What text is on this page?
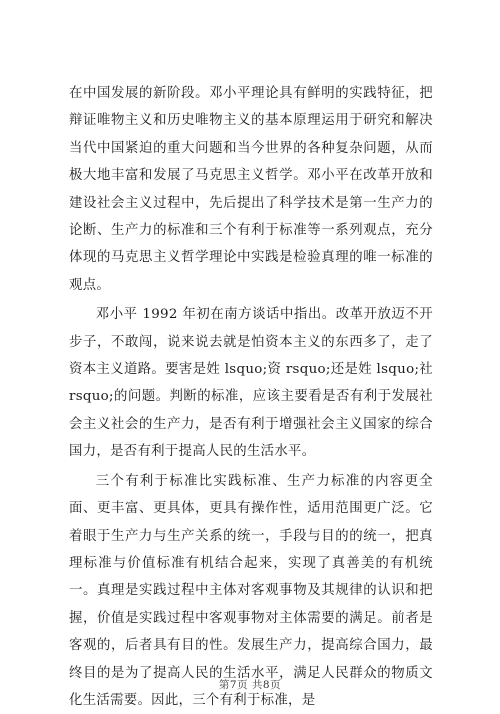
在中国发展的新阶段。邓小平理论具有鲜明的实践特征，把辩证唯物主义和历史唯物主义的基本原理运用于研究和解决当代中国紧迫的重大问题和当今世界的各种复杂问题，从而极大地丰富和发展了马克思主义哲学。邓小平在改革开放和建设社会主义过程中，先后提出了科学技术是第一生产力的论断、生产力的标准和三个有利于标准等一系列观点，充分体现的马克思主义哲学理论中实践是检验真理的唯一标准的观点。

邓小平 1992 年初在南方谈话中指出。改革开放迈不开步子，不敢闯，说来说去就是怕资本主义的东西多了，走了资本主义道路。要害是姓 lsquo;资 rsquo;还是姓 lsquo;社 rsquo;的问题。判断的标准，应该主要看是否有利于发展社会主义社会的生产力，是否有利于增强社会主义国家的综合国力，是否有利于提高人民的生活水平。

三个有利于标准比实践标准、生产力标准的内容更全面、更丰富、更具体，更具有操作性，适用范围更广泛。它着眼于生产力与生产关系的统一，手段与目的的统一，把真理标准与价值标准有机结合起来，实现了真善美的有机统一。真理是实践过程中主体对客观事物及其规律的认识和把握，价值是实践过程中客观事物对主体需要的满足。前者是客观的，后者具有目的性。发展生产力，提高综合国力，最终目的是为了提高人民的生活水平，满足人民群众的物质文化生活需要。因此，三个有利于标准，是

第7页 共8页
